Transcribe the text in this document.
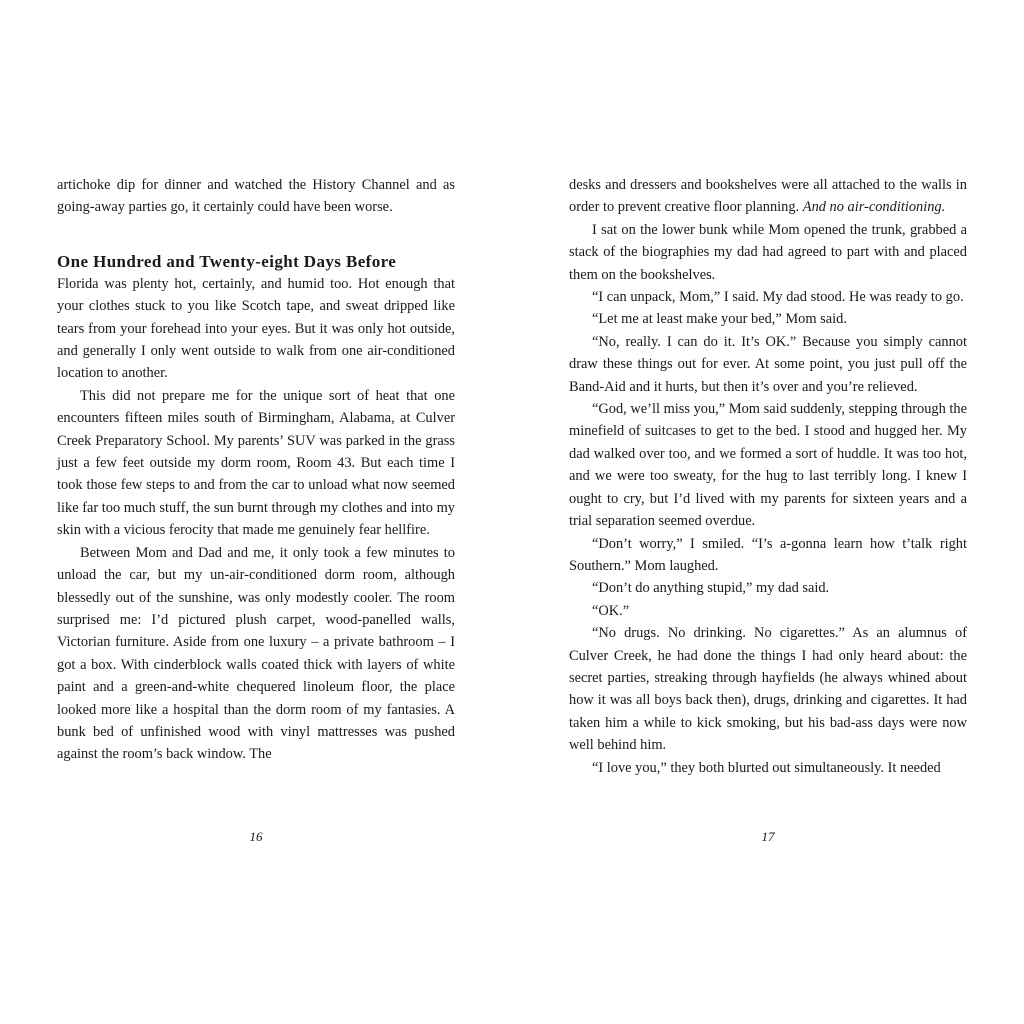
artichoke dip for dinner and watched the History Channel and as going-away parties go, it certainly could have been worse.

One Hundred and Twenty-eight Days Before

Florida was plenty hot, certainly, and humid too. Hot enough that your clothes stuck to you like Scotch tape, and sweat dripped like tears from your forehead into your eyes. But it was only hot outside, and generally I only went outside to walk from one air-conditioned location to another.

This did not prepare me for the unique sort of heat that one encounters fifteen miles south of Birmingham, Alabama, at Culver Creek Preparatory School. My parents’ SUV was parked in the grass just a few feet outside my dorm room, Room 43. But each time I took those few steps to and from the car to unload what now seemed like far too much stuff, the sun burnt through my clothes and into my skin with a vicious ferocity that made me genuinely fear hellfire.

Between Mom and Dad and me, it only took a few minutes to unload the car, but my un-air-conditioned dorm room, although blessedly out of the sunshine, was only modestly cooler. The room surprised me: I’d pictured plush carpet, wood-panelled walls, Victorian furniture. Aside from one luxury – a private bathroom – I got a box. With cinderblock walls coated thick with layers of white paint and a green-and-white chequered linoleum floor, the place looked more like a hospital than the dorm room of my fantasies. A bunk bed of unfinished wood with vinyl mattresses was pushed against the room’s back window. The

16

desks and dressers and bookshelves were all attached to the walls in order to prevent creative floor planning. And no air-conditioning.

I sat on the lower bunk while Mom opened the trunk, grabbed a stack of the biographies my dad had agreed to part with and placed them on the bookshelves.

“I can unpack, Mom,” I said. My dad stood. He was ready to go.

“Let me at least make your bed,” Mom said.

“No, really. I can do it. It’s OK.” Because you simply cannot draw these things out for ever. At some point, you just pull off the Band-Aid and it hurts, but then it’s over and you’re relieved.

“God, we’ll miss you,” Mom said suddenly, stepping through the minefield of suitcases to get to the bed. I stood and hugged her. My dad walked over too, and we formed a sort of huddle. It was too hot, and we were too sweaty, for the hug to last terribly long. I knew I ought to cry, but I’d lived with my parents for sixteen years and a trial separation seemed overdue.

“Don’t worry,” I smiled. “I’s a-gonna learn how t’talk right Southern.” Mom laughed.

“Don’t do anything stupid,” my dad said.

“OK.”

“No drugs. No drinking. No cigarettes.” As an alumnus of Culver Creek, he had done the things I had only heard about: the secret parties, streaking through hayfields (he always whined about how it was all boys back then), drugs, drinking and cigarettes. It had taken him a while to kick smoking, but his bad-ass days were now well behind him.

“I love you,” they both blurted out simultaneously. It needed

17
